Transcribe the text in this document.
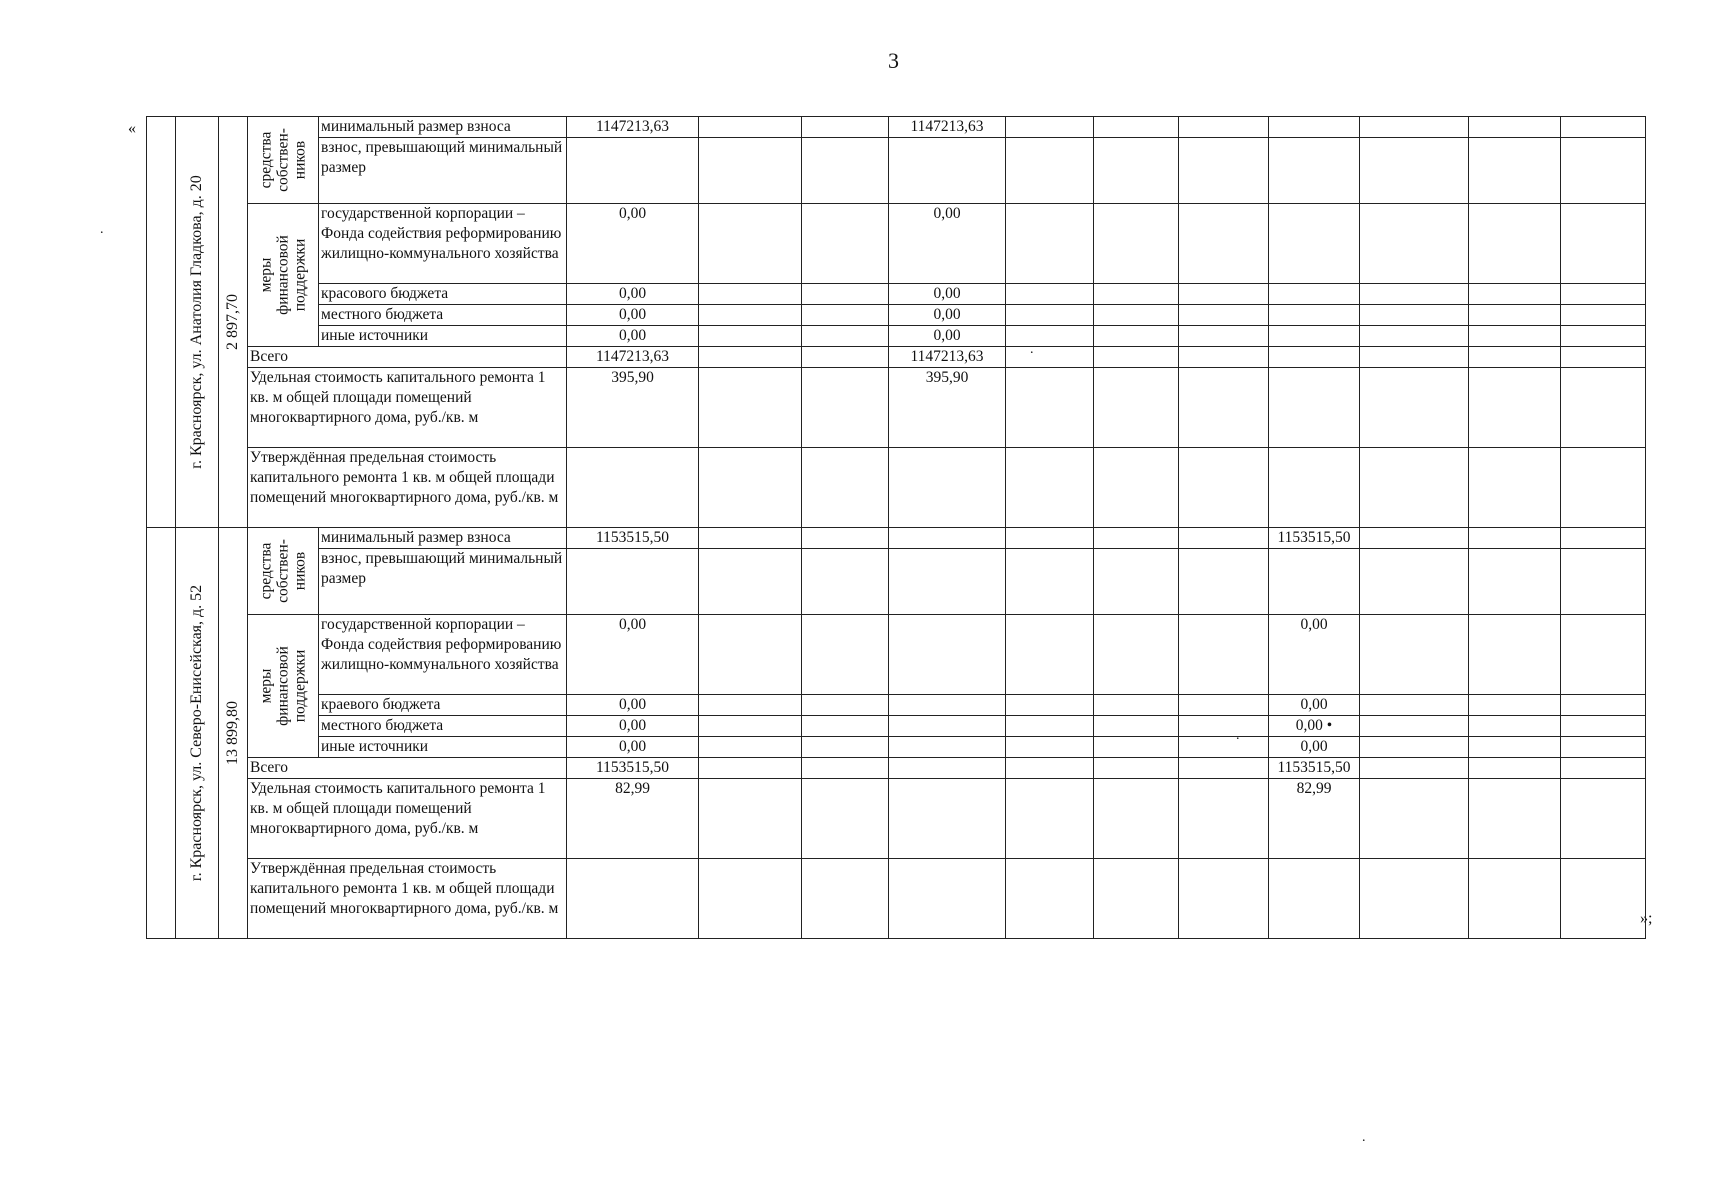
3
«
»;
.
.
.
.

	г. Красноярск, ул. Анатолия Гладкова, д. 20	2 897,70	средства собствен- ников	минимальный размер взноса	1147213,63			1147213,63							
				взнос, превышающий минимальный размер											

			меры финансовой поддержки	государственной корпорации – Фонда содействия реформированию жилищно-коммунального хозяйства	0,00			0,00							
				красового бюджета	0,00			0,00							
				местного бюджета	0,00			0,00							
				иные источники	0,00			0,00							
			Всего		1147213,63			1147213,63							
			Удельная стоимость капитального ремонта 1 кв. м общей площади помещений многоквартирного дома, руб./кв. м		395,90			395,90							
			Утверждённая предельная стоимость капитального ремонта 1 кв. м общей площади помещений многоквартирного дома, руб./кв. м												

	г. Красноярск, ул. Северо-Енисейская, д. 52	13 899,80	средства собствен- ников	минимальный размер взноса	1153515,50							1153515,50			
				взнос, превышающий минимальный размер											

			меры финансовой поддержки	государственной корпорации – Фонда содействия реформированию жилищно-коммунального хозяйства	0,00							0,00			
				краевого бюджета	0,00							0,00			
				местного бюджета	0,00							0,00 •			
				иные источники	0,00							0,00			
			Всего		1153515,50							1153515,50			
			Удельная стоимость капитального ремонта 1 кв. м общей площади помещений многоквартирного дома, руб./кв. м		82,99							82,99			
			Утверждённая предельная стоимость капитального ремонта 1 кв. м общей площади помещений многоквартирного дома, руб./кв. м												
